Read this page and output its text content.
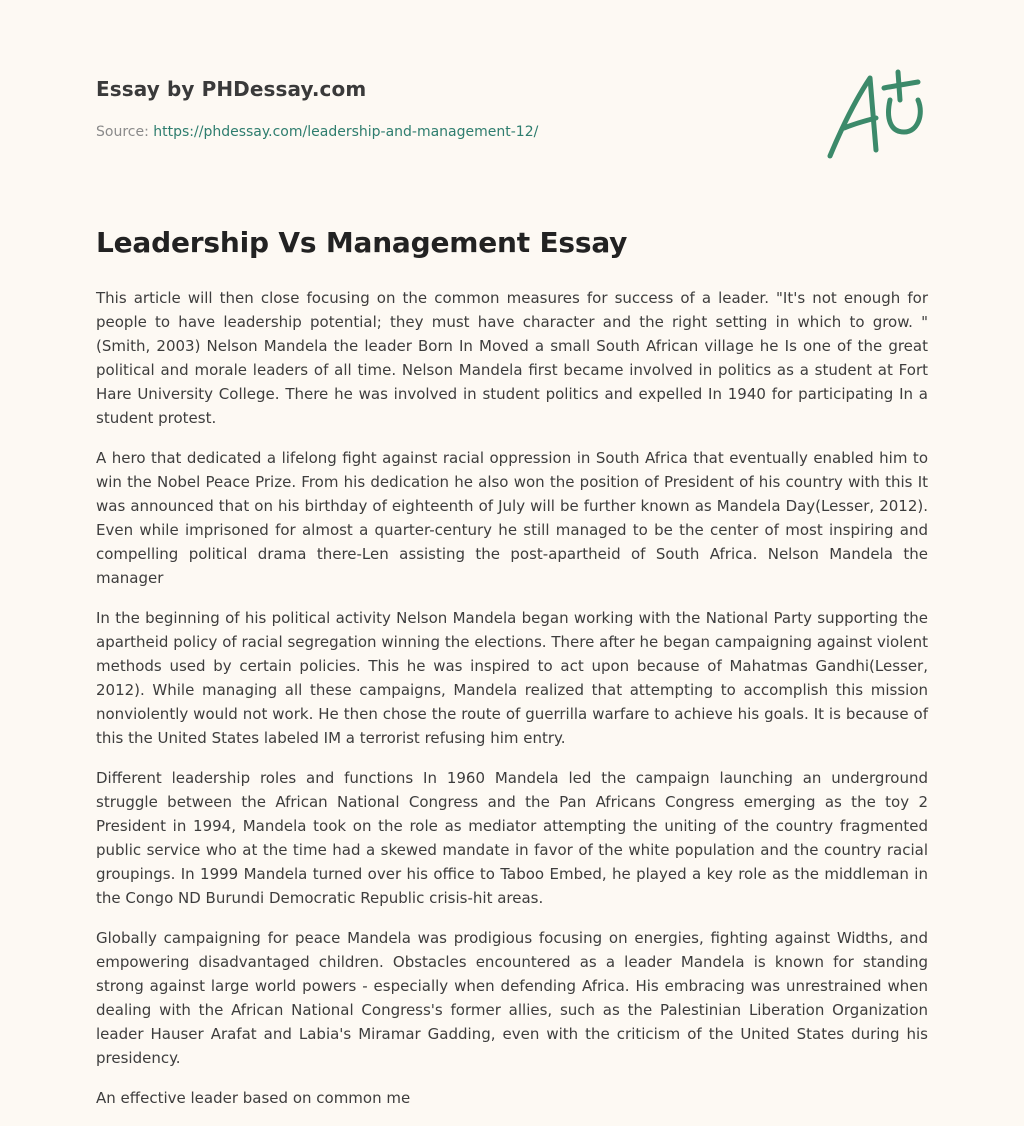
Essay by PHDessay.com
Source: https://phdessay.com/leadership-and-management-12/
Leadership Vs Management Essay

This article will then close focusing on the common measures for success of a leader. "It's not enough for people to have leadership potential; they must have character and the right setting in which to grow. " (Smith, 2003) Nelson Mandela the leader Born In Moved a small South African village he Is one of the great political and morale leaders of all time. Nelson Mandela first became involved in politics as a student at Fort Hare University College. There he was involved in student politics and expelled In 1940 for participating In a student protest.

A hero that dedicated a lifelong fight against racial oppression in South Africa that eventually enabled him to win the Nobel Peace Prize. From his dedication he also won the position of President of his country with this It was announced that on his birthday of eighteenth of July will be further known as Mandela Day(Lesser, 2012). Even while imprisoned for almost a quarter-century he still managed to be the center of most inspiring and compelling political drama there-Len assisting the post-apartheid of South Africa. Nelson Mandela the manager

In the beginning of his political activity Nelson Mandela began working with the National Party supporting the apartheid policy of racial segregation winning the elections. There after he began campaigning against violent methods used by certain policies. This he was inspired to act upon because of Mahatmas Gandhi(Lesser, 2012). While managing all these campaigns, Mandela realized that attempting to accomplish this mission nonviolently would not work. He then chose the route of guerrilla warfare to achieve his goals. It is because of this the United States labeled IM a terrorist refusing him entry.

Different leadership roles and functions In 1960 Mandela led the campaign launching an underground struggle between the African National Congress and the Pan Africans Congress emerging as the toy 2 President in 1994, Mandela took on the role as mediator attempting the uniting of the country fragmented public service who at the time had a skewed mandate in favor of the white population and the country racial groupings. In 1999 Mandela turned over his office to Taboo Embed, he played a key role as the middleman in the Congo ND Burundi Democratic Republic crisis-hit areas.

Globally campaigning for peace Mandela was prodigious focusing on energies, fighting against Widths, and empowering disadvantaged children. Obstacles encountered as a leader Mandela is known for standing strong against large world powers - especially when defending Africa. His embracing was unrestrained when dealing with the African National Congress's former allies, such as the Palestinian Liberation Organization leader Hauser Arafat and Labia's Miramar Gadding, even with the criticism of the United States during his presidency.

An effective leader based on common me
